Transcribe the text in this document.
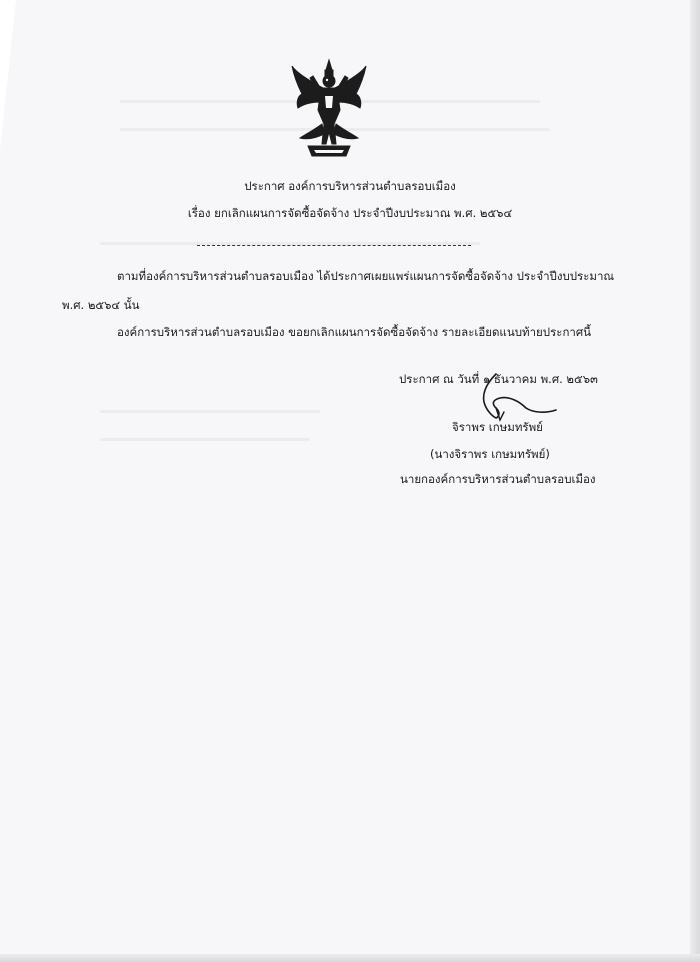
ประกาศ องค์การบริหารส่วนตำบลรอบเมือง
เรื่อง ยกเลิกแผนการจัดซื้อจัดจ้าง ประจำปีงบประมาณ พ.ศ. ๒๕๖๔
ตามที่องค์การบริหารส่วนตำบลรอบเมือง ได้ประกาศเผยแพร่แผนการจัดซื้อจัดจ้าง ประจำปีงบประมาณ
พ.ศ. ๒๕๖๔ นั้น
องค์การบริหารส่วนตำบลรอบเมือง ขอยกเลิกแผนการจัดซื้อจัดจ้าง รายละเอียดแนบท้ายประกาศนี้
ประกาศ ณ วันที่ ๑ ธันวาคม พ.ศ. ๒๕๖๓
จิราพร เกษมทรัพย์
(นางจิราพร เกษมทรัพย์)
นายกองค์การบริหารส่วนตำบลรอบเมือง
